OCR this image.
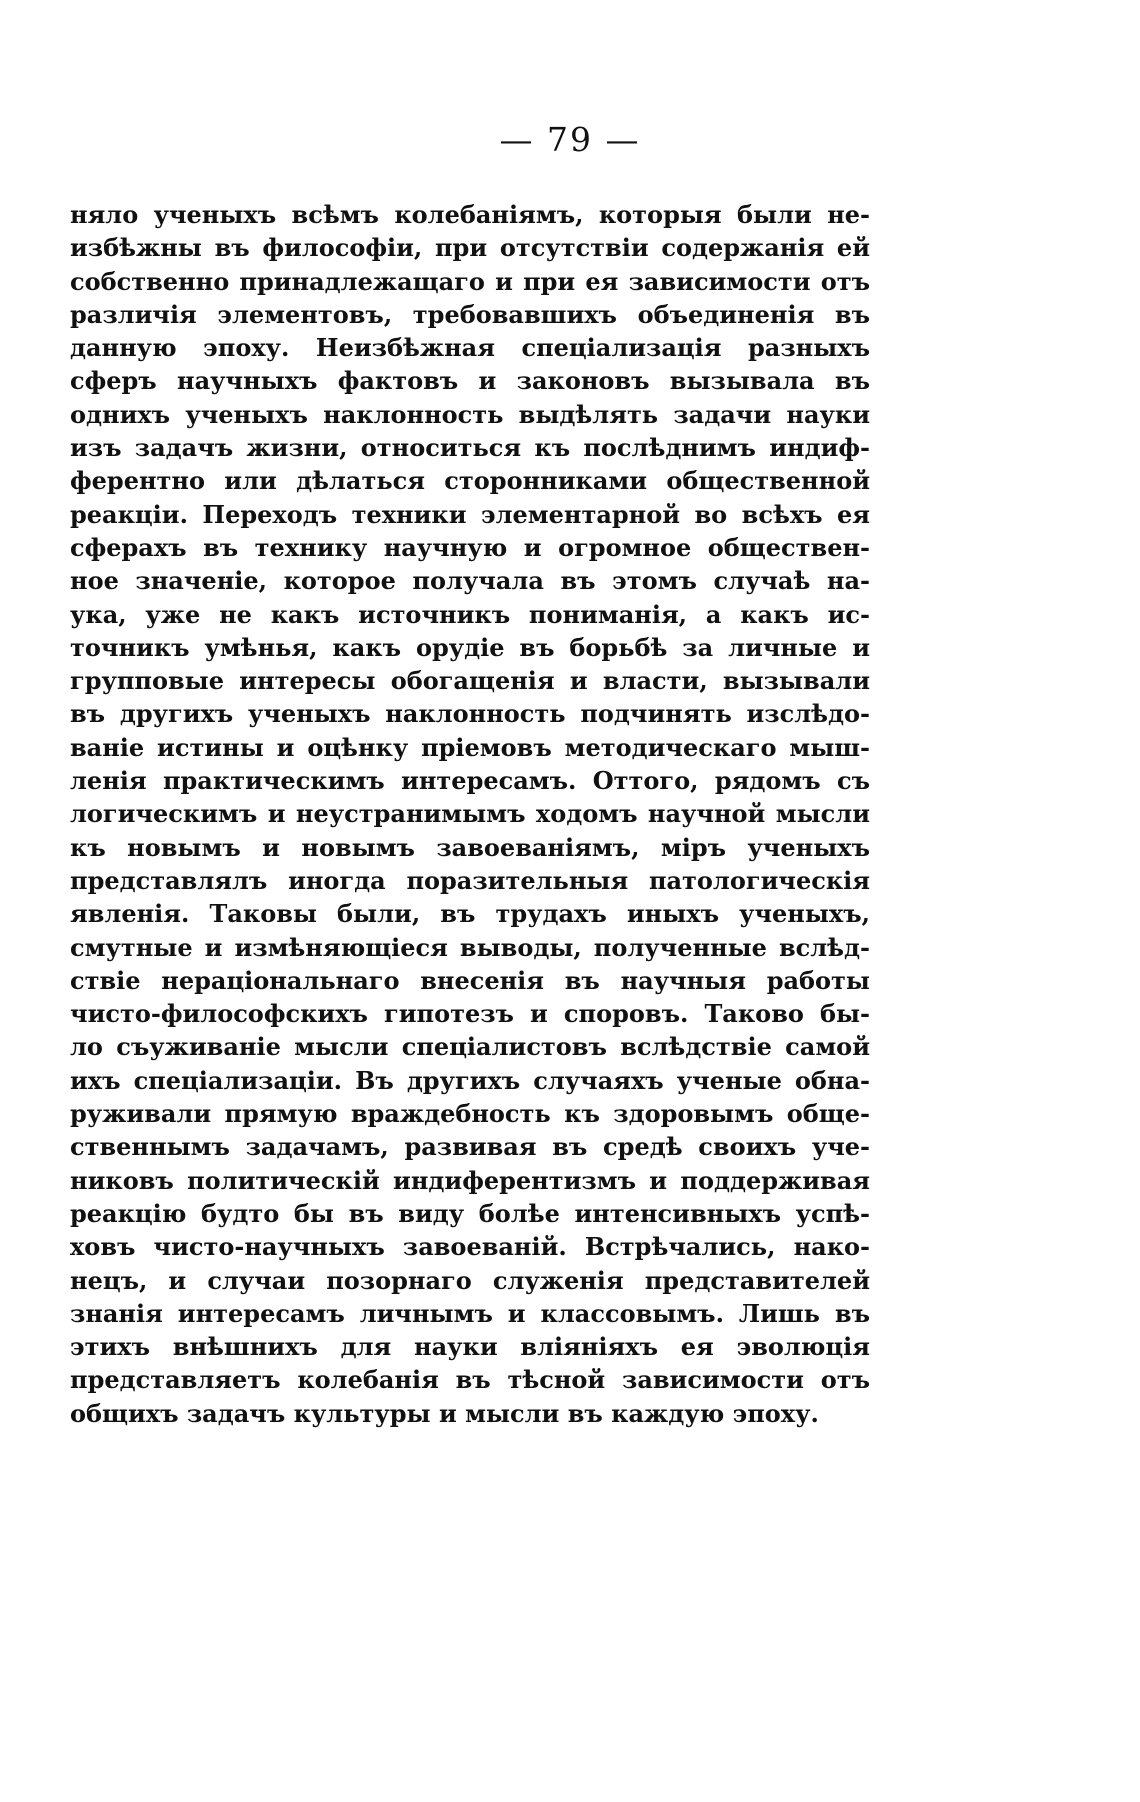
— 79 —
няло ученыхъ всѣмъ колебаніямъ, которыя были не-
избѣжны въ философіи, при отсутствіи содержанія ей
собственно принадлежащаго и при ея зависимости отъ
различія элементовъ, требовавшихъ объединенія въ
данную эпоху. Неизбѣжная спеціализація разныхъ
сферъ научныхъ фактовъ и законовъ вызывала въ
однихъ ученыхъ наклонность выдѣлять задачи науки
изъ задачъ жизни, относиться къ послѣднимъ индиф-
ферентно или дѣлаться сторонниками общественной
реакціи. Переходъ техники элементарной во всѣхъ ея
сферахъ въ технику научную и огромное обществен-
ное значеніе, которое получала въ этомъ случаѣ на-
ука, уже не какъ источникъ пониманія, а какъ ис-
точникъ умѣнья, какъ орудіе въ борьбѣ за личные и
групповые интересы обогащенія и власти, вызывали
въ другихъ ученыхъ наклонность подчинять изслѣдо-
ваніе истины и оцѣнку пріемовъ методическаго мыш-
ленія практическимъ интересамъ. Оттого, рядомъ съ
логическимъ и неустранимымъ ходомъ научной мысли
къ новымъ и новымъ завоеваніямъ, міръ ученыхъ
представлялъ иногда поразительныя патологическія
явленія. Таковы были, въ трудахъ иныхъ ученыхъ,
смутные и измѣняющіеся выводы, полученные вслѣд-
ствіе нераціональнаго внесенія въ научныя работы
чисто-философскихъ гипотезъ и споровъ. Таково бы-
ло съуживаніе мысли спеціалистовъ вслѣдствіе самой
ихъ спеціализаціи. Въ другихъ случаяхъ ученые обна-
руживали прямую враждебность къ здоровымъ обще-
ственнымъ задачамъ, развивая въ средѣ своихъ уче-
никовъ политическій индиферентизмъ и поддерживая
реакцію будто бы въ виду болѣе интенсивныхъ успѣ-
ховъ чисто-научныхъ завоеваній. Встрѣчались, нако-
нецъ, и случаи позорнаго служенія представителей
знанія интересамъ личнымъ и классовымъ. Лишь въ
этихъ внѣшнихъ для науки вліяніяхъ ея эволюція
представляетъ колебанія въ тѣсной зависимости отъ
общихъ задачъ культуры и мысли въ каждую эпоху.
